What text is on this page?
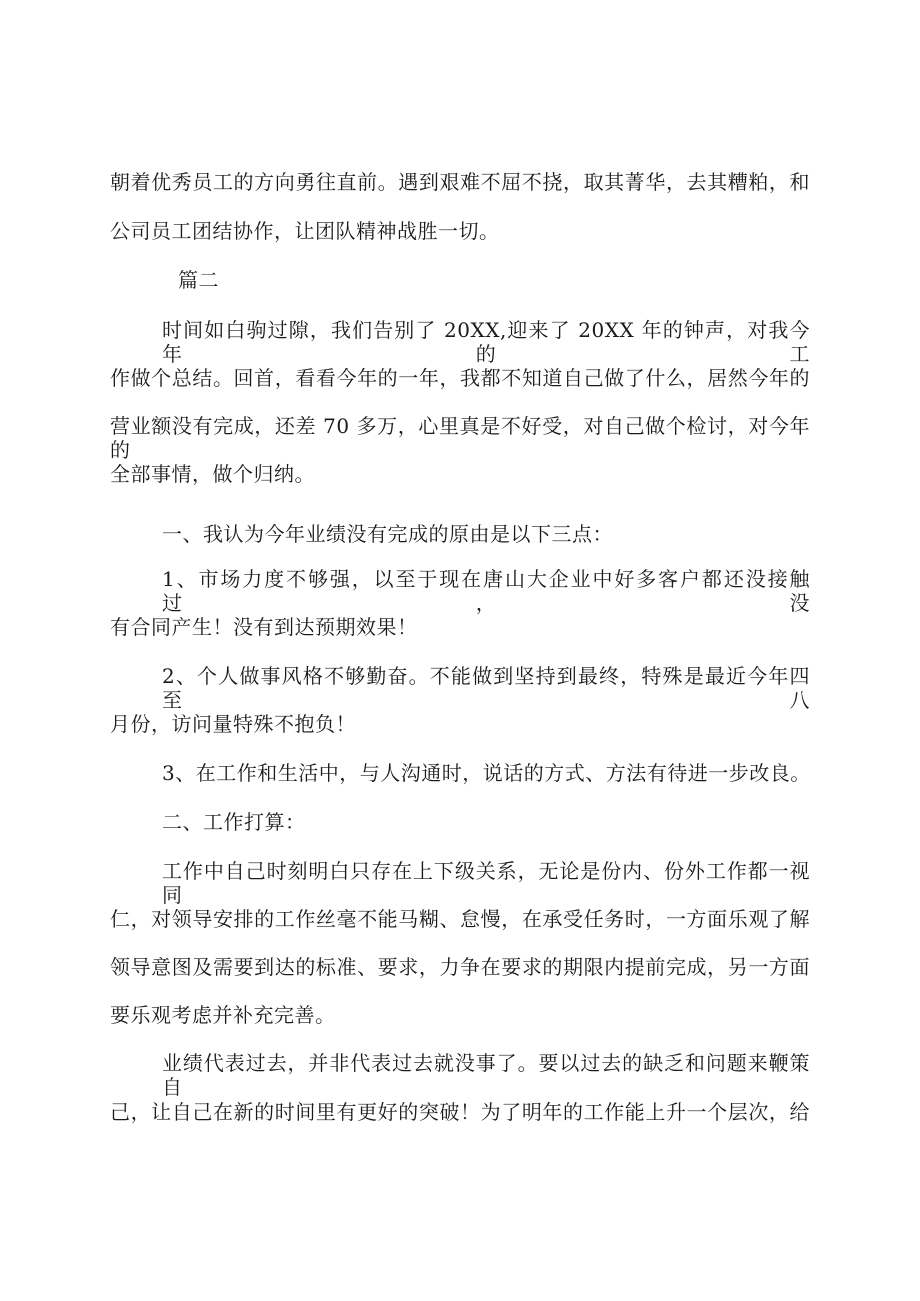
朝着优秀员工的方向勇往直前。遇到艰难不屈不挠，取其菁华，去其糟粕，和
公司员工团结协作，让团队精神战胜一切。
篇二
时间如白驹过隙，我们告别了 20XX,迎来了 20XX 年的钟声，对我今年的工
作做个总结。回首，看看今年的一年，我都不知道自己做了什么，居然今年的
营业额没有完成，还差 70 多万，心里真是不好受，对自己做个检讨，对今年的
全部事情，做个归纳。
一、我认为今年业绩没有完成的原由是以下三点：
1、市场力度不够强，以至于现在唐山大企业中好多客户都还没接触过，没
有合同产生！没有到达预期效果！
2、个人做事风格不够勤奋。不能做到坚持到最终，特殊是最近今年四至八
月份，访问量特殊不抱负！
3、在工作和生活中，与人沟通时，说话的方式、方法有待进一步改良。
二、工作打算：
工作中自己时刻明白只存在上下级关系，无论是份内、份外工作都一视同
仁，对领导安排的工作丝毫不能马糊、怠慢，在承受任务时，一方面乐观了解
领导意图及需要到达的标准、要求，力争在要求的期限内提前完成，另一方面
要乐观考虑并补充完善。
业绩代表过去，并非代表过去就没事了。要以过去的缺乏和问题来鞭策自
己，让自己在新的时间里有更好的突破！为了明年的工作能上升一个层次，给
